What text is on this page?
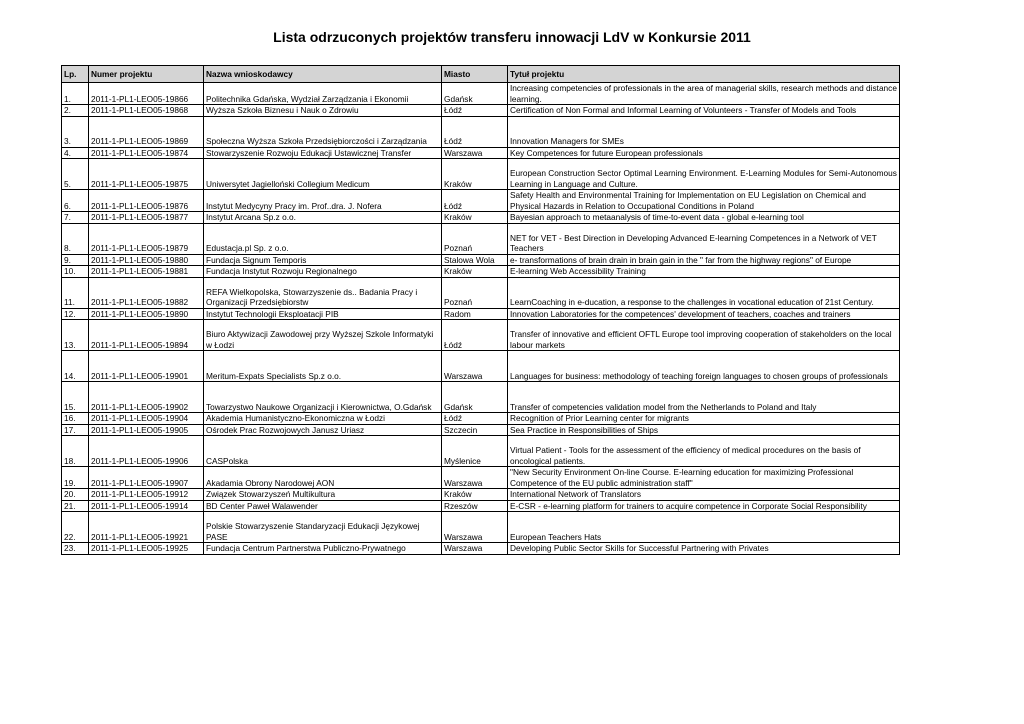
Lista odrzuconych projektów transferu innowacji LdV w Konkursie 2011
Lp.	Numer projektu	Nazwa wnioskodawcy	Miasto	Tytuł projektu
1.	2011-1-PL1-LEO05-19866	Politechnika Gdańska, Wydział Zarządzania i Ekonomii	Gdańsk	Increasing competencies of professionals in the area of managerial skills, research methods and distance learning.
2.	2011-1-PL1-LEO05-19868	Wyższa Szkoła Biznesu i Nauk o Zdrowiu	Łódź	Certification of Non Formal and Informal Learning of Volunteers - Transfer of Models and Tools
3.	2011-1-PL1-LEO05-19869	Społeczna Wyższa Szkoła Przedsiębiorczości i Zarządzania	Łódź	Innovation Managers for SMEs
4.	2011-1-PL1-LEO05-19874	Stowarzyszenie Rozwoju Edukacji Ustawicznej Transfer	Warszawa	Key Competences for future European professionals
5.	2011-1-PL1-LEO05-19875	Uniwersytet Jagielloński Collegium Medicum	Kraków	European Construction Sector Optimal Learning Environment. E-Learning Modules for Semi-Autonomous Learning in Language and Culture.
6.	2011-1-PL1-LEO05-19876	Instytut Medycyny Pracy im. Prof..dra. J. Nofera	Łódź	Safety Health and Environmental Training for Implementation on EU Legislation on Chemical and Physical Hazards in Relation to Occupational Conditions in Poland
7.	2011-1-PL1-LEO05-19877	Instytut Arcana Sp.z o.o.	Kraków	Bayesian approach to metaanalysis of time-to-event data - global e-learning tool
8.	2011-1-PL1-LEO05-19879	Edustacja.pl Sp. z o.o.	Poznań	NET for VET - Best Direction in Developing Advanced E-learning Competences in a Network of VET Teachers
9.	2011-1-PL1-LEO05-19880	Fundacja Signum Temporis	Stalowa Wola	e- transformations of brain drain in brain gain in the " far from the highway regions" of Europe
10.	2011-1-PL1-LEO05-19881	Fundacja Instytut Rozwoju Regionalnego	Kraków	E-learning Web Accessibility Training
11.	2011-1-PL1-LEO05-19882	REFA Wielkopolska, Stowarzyszenie ds.. Badania Pracy i Organizacji Przedsiębiorstw	Poznań	LearnCoaching in e-ducation, a response to the challenges in vocational education of 21st Century.
12.	2011-1-PL1-LEO05-19890	Instytut Technologii Eksploatacji PIB	Radom	Innovation Laboratories for the competences' development of teachers, coaches and trainers
13.	2011-1-PL1-LEO05-19894	Biuro Aktywizacji Zawodowej przy Wyższej Szkole Informatyki w Łodzi	Łódź	Transfer of innovative and efficient OFTL Europe tool improving cooperation of stakeholders on the local labour markets
14.	2011-1-PL1-LEO05-19901	Meritum-Expats Specialists Sp.z o.o.	Warszawa	Languages for business: methodology of teaching foreign languages to chosen groups of professionals
15.	2011-1-PL1-LEO05-19902	Towarzystwo Naukowe Organizacji i Kierownictwa, O.Gdańsk	Gdańsk	Transfer of competencies validation model from the Netherlands to Poland and Italy
16.	2011-1-PL1-LEO05-19904	Akademia Humanistyczno-Ekonomiczna w Łodzi	Łódź	Recognition of Prior Learning center for migrants
17.	2011-1-PL1-LEO05-19905	Ośrodek Prac Rozwojowych Janusz Uriasz	Szczecin	Sea Practice in Responsibilities of Ships
18.	2011-1-PL1-LEO05-19906	CASPolska	Myślenice	Virtual Patient - Tools for the assessment of the efficiency of medical procedures on the basis of oncological patients.
19.	2011-1-PL1-LEO05-19907	Akadamia Obrony Narodowej AON	Warszawa	"New Security Environment On-line Course. E-learning education for maximizing Professional Competence of the EU public administration staff"
20.	2011-1-PL1-LEO05-19912	Związek Stowarzyszeń Multikultura	Kraków	International Network of Translators
21.	2011-1-PL1-LEO05-19914	BD Center Paweł Walawender	Rzeszów	E-CSR - e-learning platform for trainers to acquire competence in Corporate Social Responsibility
22.	2011-1-PL1-LEO05-19921	Polskie Stowarzyszenie Standaryzacji Edukacji Językowej PASE	Warszawa	European Teachers Hats
23.	2011-1-PL1-LEO05-19925	Fundacja Centrum Partnerstwa Publiczno-Prywatnego	Warszawa	Developing Public Sector Skills for Successful Partnering with Privates
